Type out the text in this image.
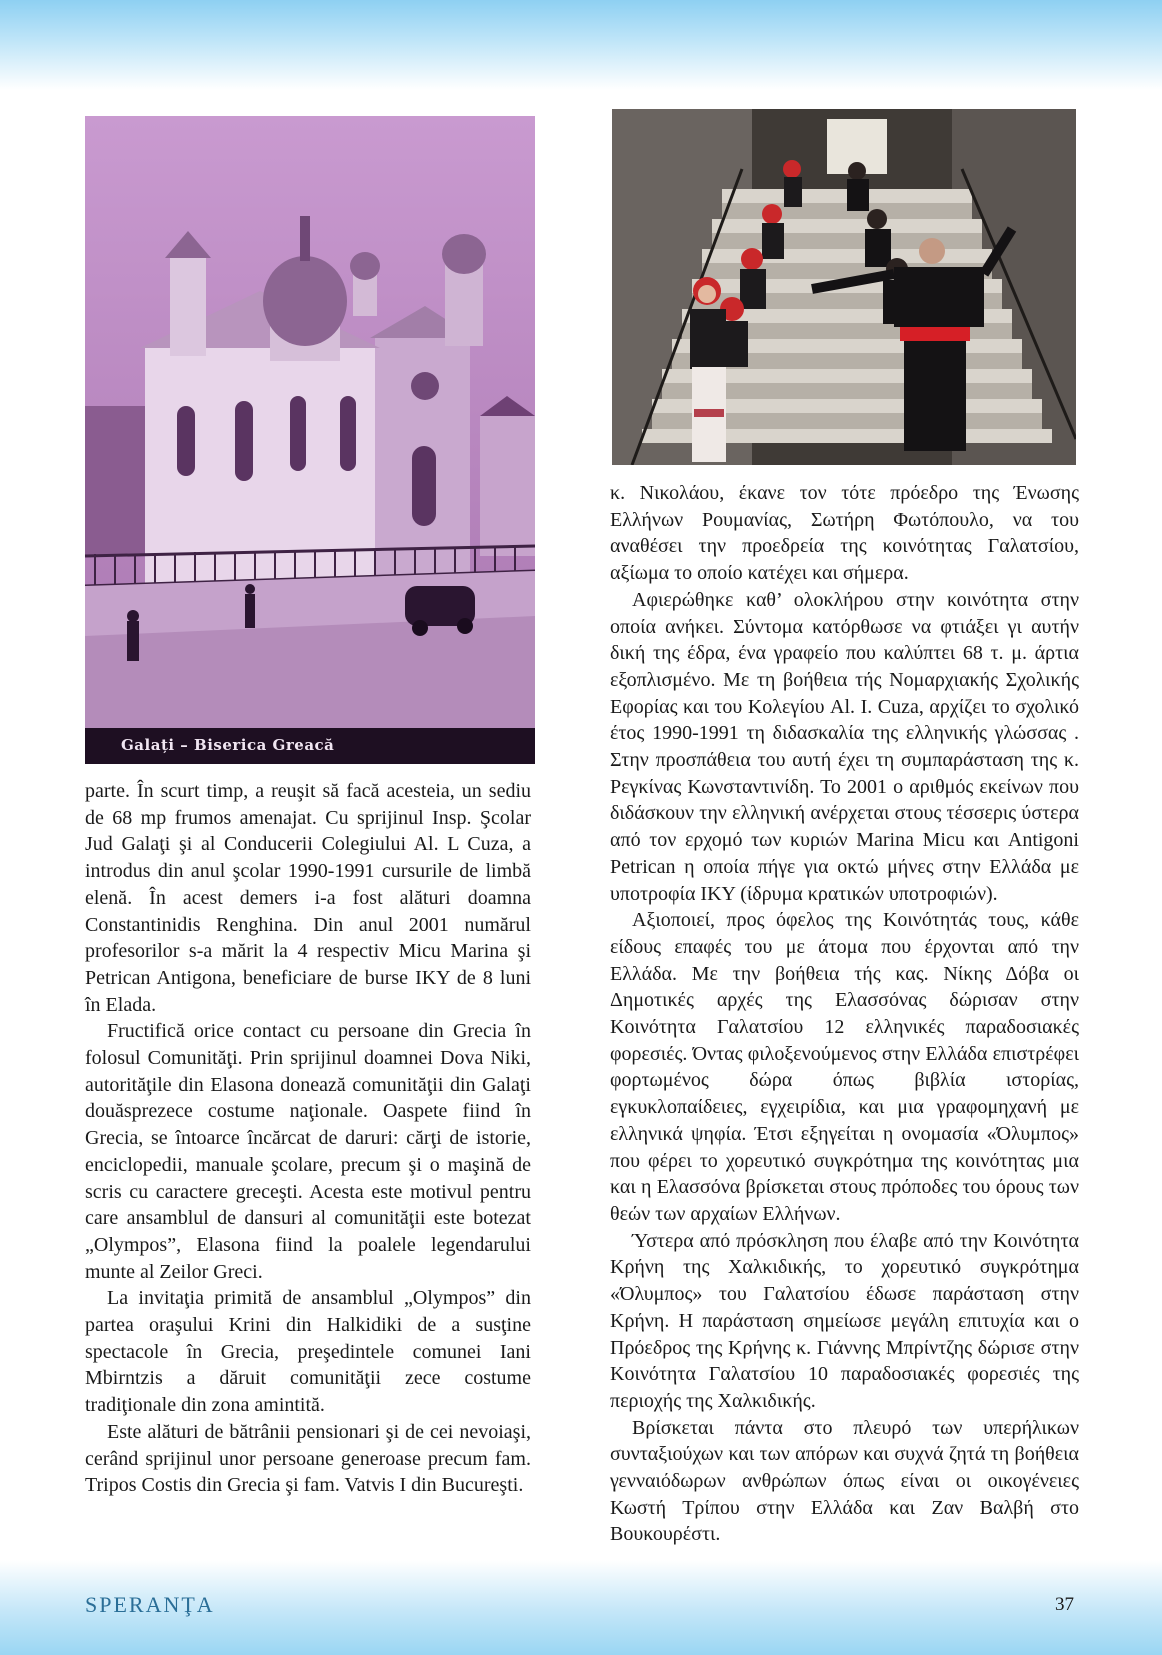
Galați – Biserica Greacă

parte. În scurt timp, a reuşit să facă acesteia, un sediu de 68 mp frumos amenajat. Cu sprijinul Insp. Şcolar Jud Galaţi şi al Conducerii Colegiului Al. L Cuza, a introdus din anul şcolar 1990-1991 cursurile de limbă elenă. În acest demers i-a fost alături doamna Constantinidis Renghina. Din anul 2001 numărul profesorilor s-a mărit la 4 respectiv Micu Marina şi Petrican Antigona, beneficiare de burse IKY de 8 luni în Elada.

Fructifică orice contact cu persoane din Grecia în folosul Comunităţi. Prin sprijinul doamnei Dova Niki, autorităţile din Elasona donează comunităţii din Galaţi douăsprezece costume naţionale. Oaspete fiind în Grecia, se întoarce încărcat de daruri: cărţi de istorie, enciclopedii, manuale şcolare, precum şi o maşină de scris cu caractere greceşti. Acesta este motivul pentru care ansamblul de dansuri al comunităţii este botezat „Olympos”, Elasona fiind la poalele legendarului munte al Zeilor Greci.

La invitaţia primită de ansamblul „Olympos” din partea oraşului Krini din Halkidiki de a susţine spectacole în Grecia, preşedintele comunei Iani Mbirntzis a dăruit comunităţii zece costume tradiţionale din zona amintită.

Este alături de bătrânii pensionari şi de cei nevoiaşi, cerând sprijinul unor persoane generoase precum fam. Tripos Costis din Grecia şi fam. Vatvis I din Bucureşti.

κ. Νικολάου, έκανε τον τότε πρόεδρο της Ένωσης Ελλήνων Ρουμανίας, Σωτήρη Φωτόπουλο, να του αναθέσει την προεδρεία της κοινότητας Γαλατσίου, αξίωμα το οποίο κατέχει και σήμερα.

Αφιερώθηκε καθ’ ολοκλήρου στην κοινότητα στην οποία ανήκει. Σύντομα κατόρθωσε να φτιάξει γι αυτήν δική της έδρα, ένα γραφείο που καλύπτει 68 τ. μ. άρτια εξοπλισμένο. Με τη βοήθεια τής Νομαρχιακής Σχολικής Εφορίας και του Κολεγίου Al. I. Cuza, αρχίζει το σχολικό έτος 1990-1991 τη διδασκαλία της ελληνικής γλώσσας . Στην προσπάθεια του αυτή έχει τη συμπαράσταση της κ. Ρεγκίνας Κωνσταντινίδη. Το 2001 ο αριθμός εκείνων που διδάσκουν την ελληνική ανέρχεται στους τέσσερις ύστερα από τον ερχομό των κυριών Marina Micu και Antigoni Petrican η οποία πήγε για οκτώ μήνες στην Ελλάδα με υποτροφία ΙΚΥ (ίδρυμα κρατικών υποτροφιών).

Αξιοποιεί, προς όφελος της Κοινότητάς τους, κάθε είδους επαφές του με άτομα που έρχονται από την Ελλάδα. Με την βοήθεια τής κας. Νίκης Δόβα οι Δημοτικές αρχές της Ελασσόνας δώρισαν στην Κοινότητα Γαλατσίου 12 ελληνικές παραδοσιακές φορεσιές. Όντας φιλοξενούμενος στην Ελλάδα επιστρέφει φορτωμένος δώρα όπως βιβλία ιστορίας, εγκυκλοπαίδειες, εγχειρίδια, και μια γραφομηχανή με ελληνικά ψηφία. Έτσι εξηγείται η ονομασία «Όλυμπος» που φέρει το χορευτικό συγκρότημα της κοινότητας μια και η Ελασσόνα βρίσκεται στους πρόποδες του όρους των θεών των αρχαίων Ελλήνων.

Ύστερα από πρόσκληση που έλαβε από την Κοινότητα Κρήνη της Χαλκιδικής, το χορευτικό συγκρότημα «Όλυμπος» του Γαλατσίου έδωσε παράσταση στην Κρήνη. Η παράσταση σημείωσε μεγάλη επιτυχία και ο Πρόεδρος της Κρήνης κ. Γιάννης Μπρίντζης δώρισε στην Κοινότητα Γαλατσίου 10 παραδοσιακές φορεσιές της περιοχής της Χαλκιδικής.

Βρίσκεται πάντα στο πλευρό των υπερήλικων συνταξιούχων και των απόρων και συχνά ζητά τη βοήθεια γενναιόδωρων ανθρώπων όπως είναι οι οικογένειες Κωστή Τρίπου στην Ελλάδα και Ζαν Βαλβή στο Βουκουρέστι.

SPERANŢA	37
